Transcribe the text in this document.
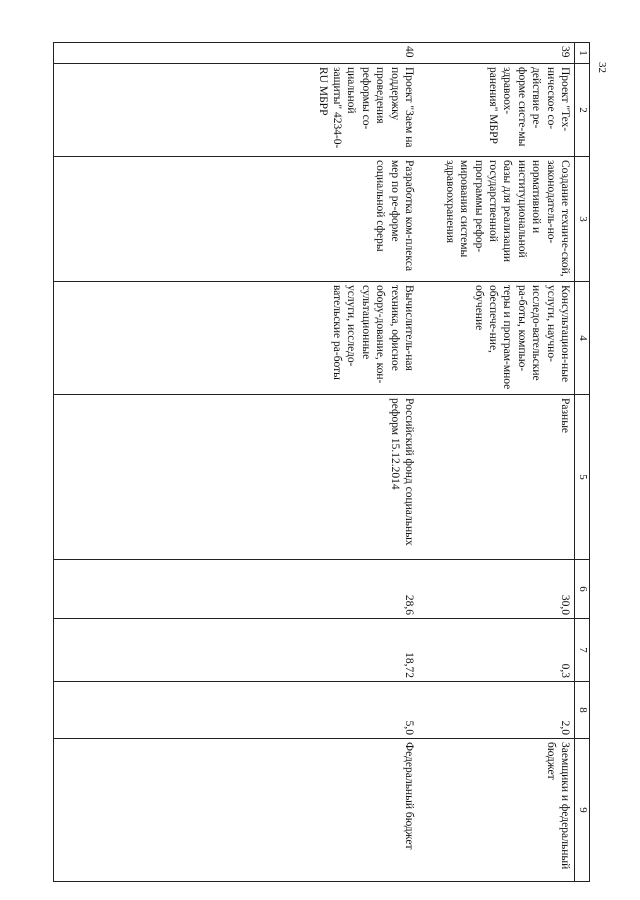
32
1	2	3	4	5	6	7	8	9
39	Проект "Тех-ническое со-действие ре-форме систе-мы здравоох-ранения" МБРР	Создание техниче-ской, законодатель-но-нормативной и институциональной базы для реализации государственной программы рефор-мирования системы здравоохранения	Консультацион-ные услуги, научно-исследо-вательские ра-боты, компью-теры и програм-мное обеспече-ние, обучение	Разные	30,0	0,3	2,0	Заемщики и федеральный бюджет
40	Проект "Заем на поддержку проведения реформы со-циальной защиты" 4234-0-RU МБРР	Разработка ком-плекса мер по ре-форме социальной сферы	Вычислитель-ная техника, офисное обору-дование, кон-сультационные услуги, исследо-вательские ра-боты	Российский фонд социальных реформ 15.12.2014	28,6	18,72	5,0	Федеральный бюджет
